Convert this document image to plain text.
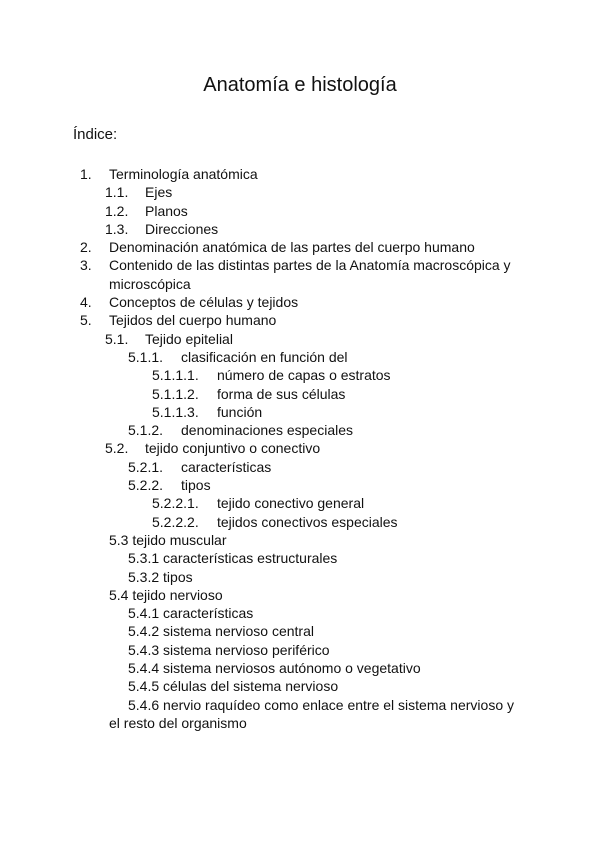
Anatomía e histología
Índice:
1. Terminología anatómica
1.1. Ejes
1.2. Planos
1.3. Direcciones
2. Denominación anatómica de las partes del cuerpo humano
3. Contenido de las distintas partes de la Anatomía macroscópica y
microscópica
4. Conceptos de células y tejidos
5. Tejidos del cuerpo humano
5.1. Tejido epitelial
5.1.1. clasificación en función del
5.1.1.1. número de capas o estratos
5.1.1.2. forma de sus células
5.1.1.3. función
5.1.2. denominaciones especiales
5.2. tejido conjuntivo o conectivo
5.2.1. características
5.2.2. tipos
5.2.2.1. tejido conectivo general
5.2.2.2. tejidos conectivos especiales
5.3 tejido muscular
5.3.1 características estructurales
5.3.2 tipos
5.4 tejido nervioso
5.4.1 características
5.4.2 sistema nervioso central
5.4.3 sistema nervioso periférico
5.4.4 sistema nerviosos autónomo o vegetativo
5.4.5 células del sistema nervioso
5.4.6 nervio raquídeo como enlace entre el sistema nervioso y
el resto del organismo
